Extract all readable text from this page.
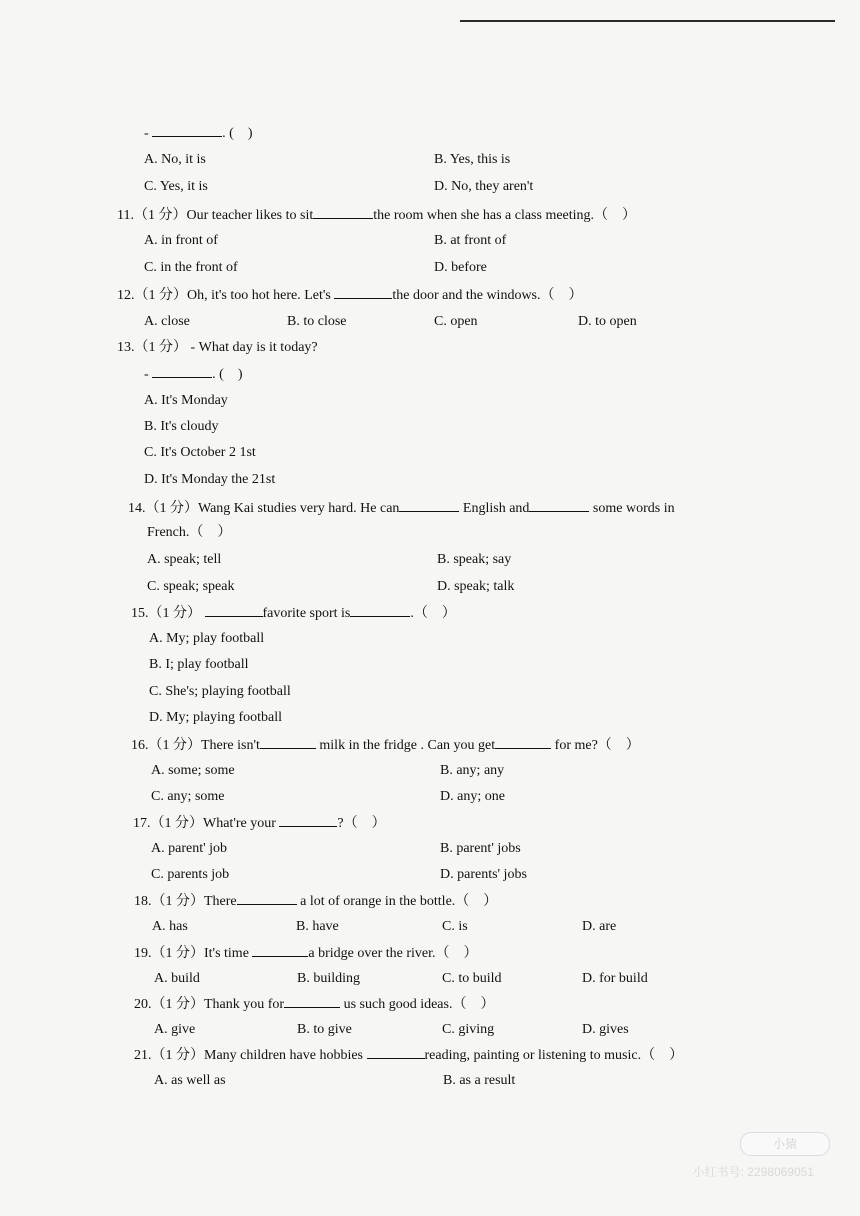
-	. (    )
A. No, it is	B. Yes, this is
C. Yes, it is	D. No, they aren't
11.（1 分）Our teacher likes to sit	the room when she has a class meeting.（    ）
A. in front of	B. at front of
C. in the front of	D. before
12.（1 分）Oh, it's too hot here. Let's	the door and the windows.（    ）
A. close	B. to close	C. open	D. to open
13.（1 分） - What day is it today?
-	. (    )
A. It's Monday
B. It's cloudy
C. It's October 2 1st
D. It's Monday the 21st
14.（1 分）Wang Kai studies very hard. He can	English and	some words in
French.（    ）
A. speak; tell	B. speak; say
C. speak; speak	D. speak; talk
15.（1 分）	favorite sport is	.（    ）
A. My; play football
B. I; play football
C. She's; playing football
D. My; playing football
16.（1 分）There isn't	milk in the fridge . Can you get	for me?（    ）
A. some; some	B. any; any
C. any; some	D. any; one
17.（1 分）What're your	?（    ）
A. parent' job	B. parent' jobs
C. parents job	D. parents' jobs
18.（1 分）There	a lot of orange in the bottle.（    ）
A. has	B. have	C. is	D. are
19.（1 分）It's time	a bridge over the river.（    ）
A. build	B. building	C. to build	D. for build
20.（1 分）Thank you for	us such good ideas.（    ）
A. give	B. to give	C. giving	D. gives
21.（1 分）Many children have hobbies	reading, painting or listening to music.（    ）
A. as well as	B. as a result
小猿
小红书号: 2298069051
